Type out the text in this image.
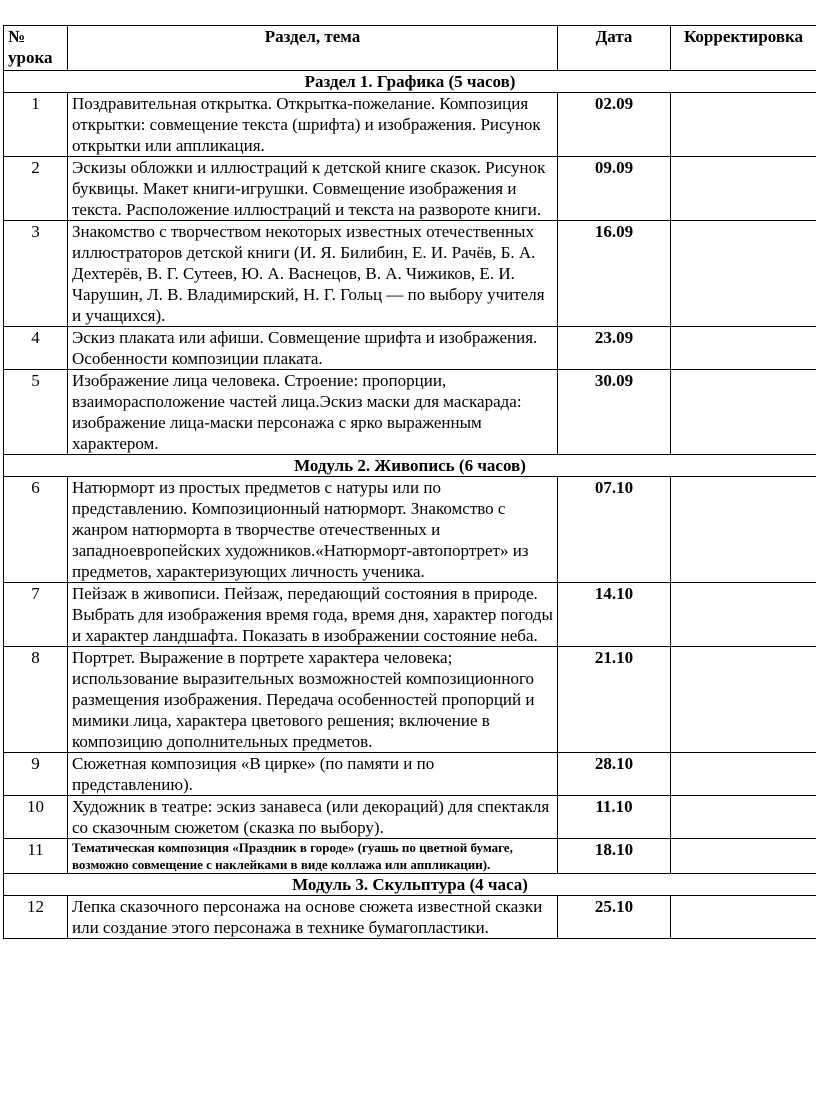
№ урока	Раздел, тема	Дата	Корректировка
Раздел 1. Графика (5 часов)			
1	Поздравительная открытка. Открытка-пожелание. Композиция открытки: совмещение текста (шрифта) и изображения. Рисунок открытки или аппликация.	02.09	
2	Эскизы обложки и иллюстраций к детской книге сказок. Рисунок буквицы. Макет книги-игрушки. Совмещение изображения и текста. Расположение иллюстраций и текста на развороте книги.	09.09	
3	Знакомство с творчеством некоторых известных отечественных иллюстраторов детской книги (И. Я. Билибин, Е. И. Рачёв, Б. А. Дехтерёв, В. Г. Сутеев, Ю. А. Васнецов, В. А. Чижиков, Е. И. Чарушин, Л. В. Владимирский, Н. Г. Гольц — по выбору учителя и учащихся).	16.09	
4	Эскиз плаката или афиши. Совмещение шрифта и изображения. Особенности композиции плаката.	23.09	
5	Изображение лица человека. Строение: пропорции, взаиморасположение частей лица.Эскиз маски для маскарада: изображение лица-маски персонажа с ярко выраженным характером.	30.09	
Модуль 2. Живопись (6 часов)			
6	Натюрморт из простых предметов с натуры или по представлению. Композиционный натюрморт. Знакомство с жанром натюрморта в творчестве отечественных и западноевропейских художников.«Натюрморт-автопортрет» из предметов, характеризующих личность ученика.	07.10	
7	Пейзаж в живописи. Пейзаж, передающий состояния в природе. Выбрать для изображения время года, время дня, характер погоды и характер ландшафта. Показать в изображении состояние неба.	14.10	
8	Портрет. Выражение в портрете характера человека; использование выразительных возможностей композиционного размещения изображения. Передача особенностей пропорций и мимики лица, характера цветового решения; включение в композицию дополнительных предметов.	21.10	
9	Сюжетная композиция «В цирке» (по памяти и по представлению).	28.10	
10	Художник в театре: эскиз занавеса (или декораций) для спектакля со сказочным сюжетом (сказка по выбору).	11.10	
11	Тематическая композиция «Праздник в городе» (гуашь по цветной бумаге, возможно совмещение с наклейками в виде коллажа или аппликации).	18.10	
Модуль 3. Скульптура (4 часа)			
12	Лепка сказочного персонажа на основе сюжета известной сказки или создание этого персонажа в технике бумагопластики.	25.10	
